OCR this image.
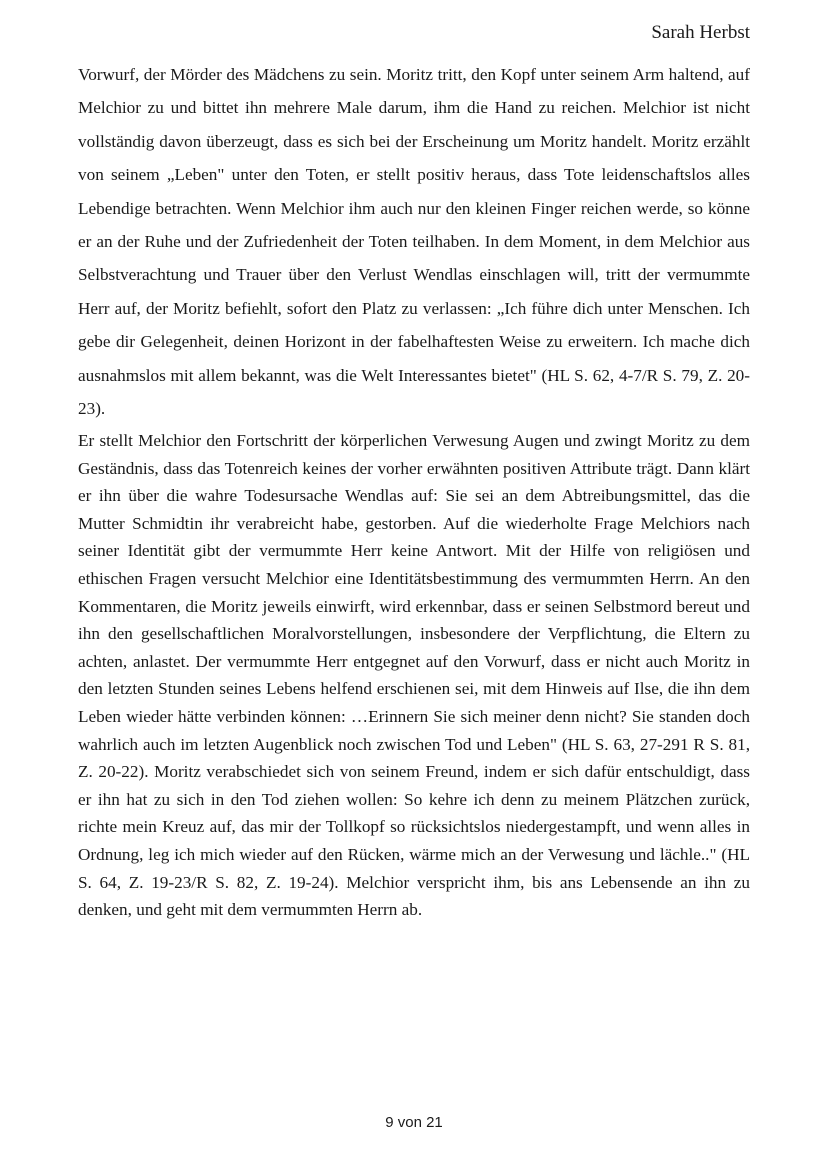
Sarah Herbst

Vorwurf, der Mörder des Mädchens zu sein. Moritz tritt, den Kopf unter seinem Arm haltend, auf Melchior zu und bittet ihn mehrere Male darum, ihm die Hand zu reichen. Melchior ist nicht vollständig davon überzeugt, dass es sich bei der Erscheinung um Moritz handelt. Moritz erzählt von seinem „Leben" unter den Toten, er stellt positiv heraus, dass Tote leidenschaftslos alles Lebendige betrachten. Wenn Melchior ihm auch nur den kleinen Finger reichen werde, so könne er an der Ruhe und der Zufriedenheit der Toten teilhaben. In dem Moment, in dem Melchior aus Selbstverachtung und Trauer über den Verlust Wendlas einschlagen will, tritt der vermummte Herr auf, der Moritz befiehlt, sofort den Platz zu verlassen: „Ich führe dich unter Menschen. Ich gebe dir Gelegenheit, deinen Horizont in der fabelhaftesten Weise zu erweitern. Ich mache dich ausnahmslos mit allem bekannt, was die Welt Interessantes bietet" (HL S. 62, 4-7/R S. 79, Z. 20-23).

Er stellt Melchior den Fortschritt der körperlichen Verwesung Augen und zwingt Moritz zu dem Geständnis, dass das Totenreich keines der vorher erwähnten positiven Attribute trägt. Dann klärt er ihn über die wahre Todesursache Wendlas auf: Sie sei an dem Abtreibungsmittel, das die Mutter Schmidtin ihr verabreicht habe, gestorben. Auf die wiederholte Frage Melchiors nach seiner Identität gibt der vermummte Herr keine Antwort. Mit der Hilfe von religiösen und ethischen Fragen versucht Melchior eine Identitätsbestimmung des vermummten Herrn. An den Kommentaren, die Moritz jeweils einwirft, wird erkennbar, dass er seinen Selbstmord bereut und ihn den gesellschaftlichen Moralvorstellungen, insbesondere der Verpflichtung, die Eltern zu achten, anlastet. Der vermummte Herr entgegnet auf den Vorwurf, dass er nicht auch Moritz in den letzten Stunden seines Lebens helfend erschienen sei, mit dem Hinweis auf Ilse, die ihn dem Leben wieder hätte verbinden können: …Erinnern Sie sich meiner denn nicht? Sie standen doch wahrlich auch im letzten Augenblick noch zwischen Tod und Leben" (HL S. 63, 27-291 R S. 81, Z. 20-22). Moritz verabschiedet sich von seinem Freund, indem er sich dafür entschuldigt, dass er ihn hat zu sich in den Tod ziehen wollen: So kehre ich denn zu meinem Plätzchen zurück, richte mein Kreuz auf, das mir der Tollkopf so rücksichtslos niedergestampft, und wenn alles in Ordnung, leg ich mich wieder auf den Rücken, wärme mich an der Verwesung und lächle.." (HL S. 64, Z. 19-23/R S. 82, Z. 19-24). Melchior verspricht ihm, bis ans Lebensende an ihn zu denken, und geht mit dem vermummten Herrn ab.

9 von 21
